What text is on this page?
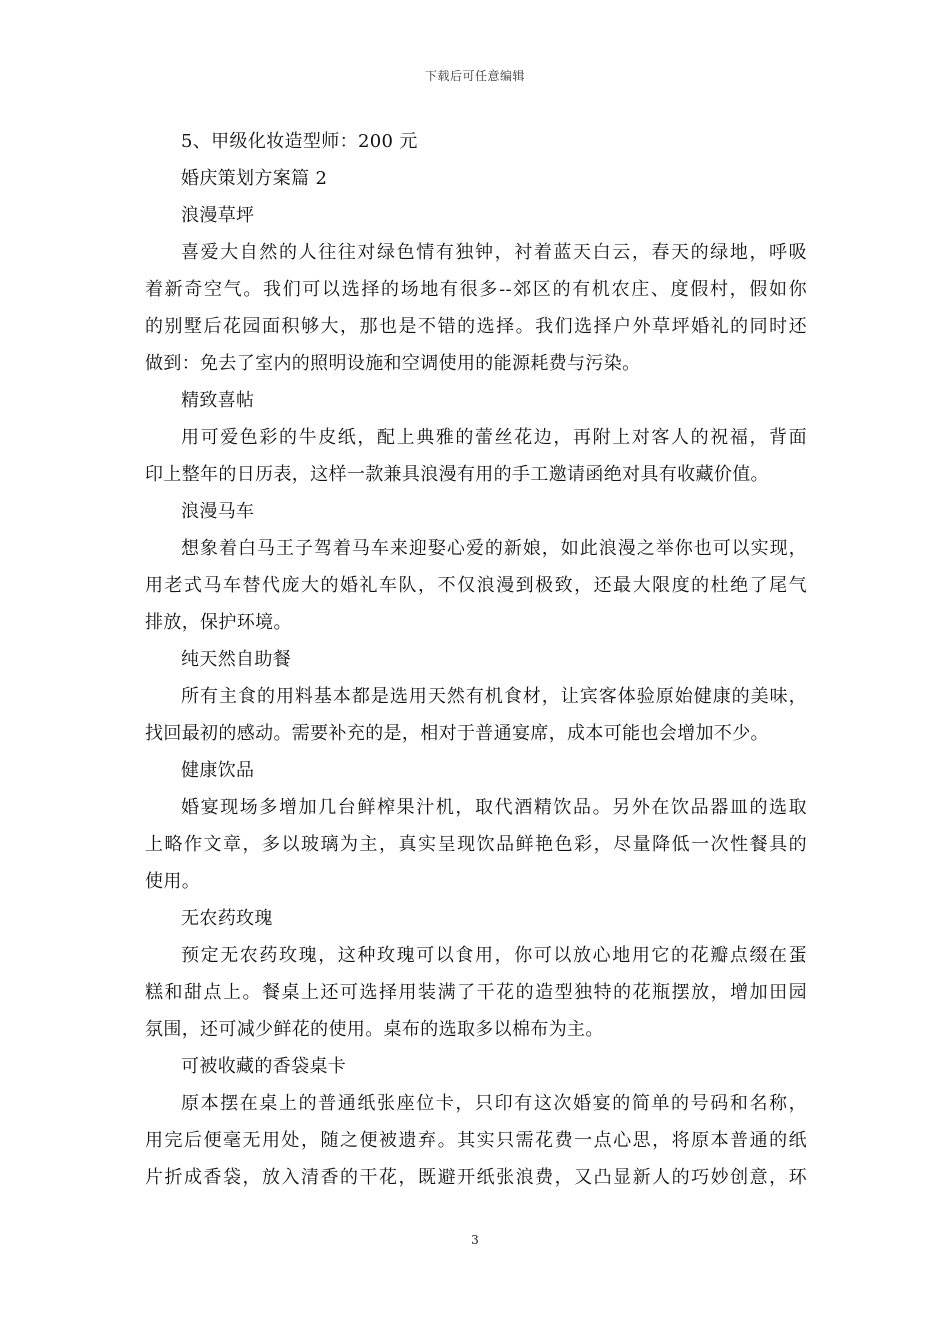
下载后可任意编辑
5、甲级化妆造型师：200 元
婚庆策划方案篇 2
浪漫草坪
喜爱大自然的人往往对绿色情有独钟，衬着蓝天白云，春天的绿地，呼吸
着新奇空气。我们可以选择的场地有很多--郊区的有机农庄、度假村，假如你
的别墅后花园面积够大，那也是不错的选择。我们选择户外草坪婚礼的同时还
做到：免去了室内的照明设施和空调使用的能源耗费与污染。
精致喜帖
用可爱色彩的牛皮纸，配上典雅的蕾丝花边，再附上对客人的祝福，背面
印上整年的日历表，这样一款兼具浪漫有用的手工邀请函绝对具有收藏价值。
浪漫马车
想象着白马王子驾着马车来迎娶心爱的新娘，如此浪漫之举你也可以实现，
用老式马车替代庞大的婚礼车队，不仅浪漫到极致，还最大限度的杜绝了尾气
排放，保护环境。
纯天然自助餐
所有主食的用料基本都是选用天然有机食材，让宾客体验原始健康的美味，
找回最初的感动。需要补充的是，相对于普通宴席，成本可能也会增加不少。
健康饮品
婚宴现场多增加几台鲜榨果汁机，取代酒精饮品。另外在饮品器皿的选取
上略作文章，多以玻璃为主，真实呈现饮品鲜艳色彩，尽量降低一次性餐具的
使用。
无农药玫瑰
预定无农药玫瑰，这种玫瑰可以食用，你可以放心地用它的花瓣点缀在蛋
糕和甜点上。餐桌上还可选择用装满了干花的造型独特的花瓶摆放，增加田园
氛围，还可减少鲜花的使用。桌布的选取多以棉布为主。
可被收藏的香袋桌卡
原本摆在桌上的普通纸张座位卡，只印有这次婚宴的简单的号码和名称，
用完后便毫无用处，随之便被遗弃。其实只需花费一点心思，将原本普通的纸
片折成香袋，放入清香的干花，既避开纸张浪费，又凸显新人的巧妙创意，环
3
